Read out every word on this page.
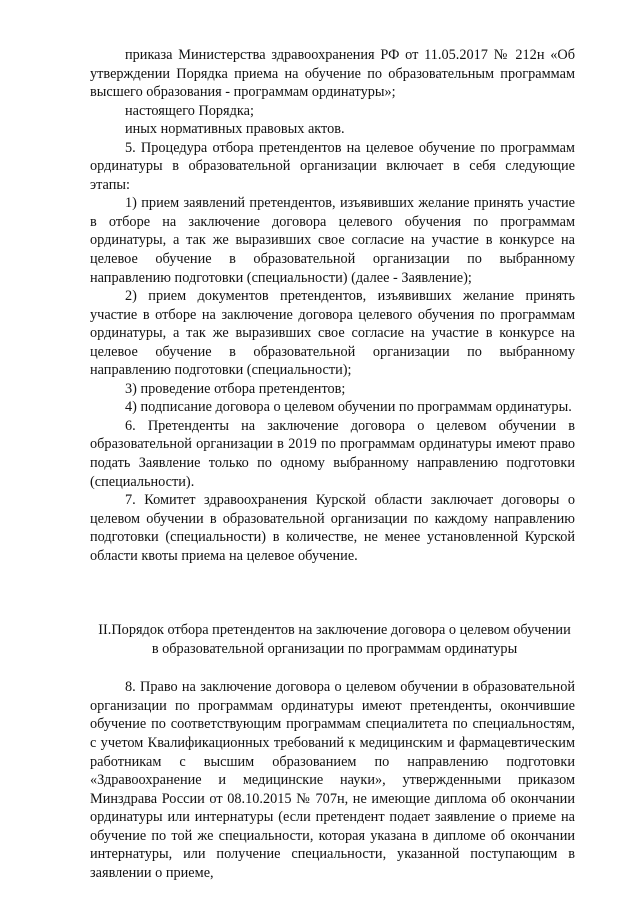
приказа Министерства здравоохранения РФ от 11.05.2017 № 212н «Об утверждении Порядка приема на обучение по образовательным программам высшего образования - программам ординатуры»;

настоящего Порядка;

иных нормативных правовых актов.

5. Процедура отбора претендентов на целевое обучение по программам ординатуры в образовательной организации включает в себя следующие этапы:

1) прием заявлений претендентов, изъявивших желание принять участие в отборе на заключение договора целевого обучения по программам ординатуры, а так же выразивших свое согласие на участие в конкурсе на целевое обучение в образовательной организации по выбранному направлению подготовки (специальности) (далее - Заявление);

2) прием документов претендентов, изъявивших желание принять участие в отборе на заключение договора целевого обучения по программам ординатуры, а так же выразивших свое согласие на участие в конкурсе на целевое обучение в образовательной организации по выбранному направлению подготовки (специальности);

3) проведение отбора претендентов;

4) подписание договора о целевом обучении по программам ординатуры.

6. Претенденты на заключение договора о целевом обучении в образовательной организации в 2019 по программам ординатуры имеют право подать Заявление только по одному выбранному направлению подготовки (специальности).

7. Комитет здравоохранения Курской области заключает договоры о целевом обучении в образовательной организации по каждому направлению подготовки (специальности) в количестве, не менее установленной Курской области квоты приема на целевое обучение.

II.Порядок отбора претендентов на заключение договора о целевом обучении в образовательной организации по программам ординатуры

8. Право на заключение договора о целевом обучении в образовательной организации по программам ординатуры имеют претенденты, окончившие обучение по соответствующим программам специалитета по специальностям, с учетом Квалификационных требований к медицинским и фармацевтическим работникам с высшим образованием по направлению подготовки «Здравоохранение и медицинские науки», утвержденными приказом Минздрава России от 08.10.2015 № 707н, не имеющие диплома об окончании ординатуры или интернатуры (если претендент подает заявление о приеме на обучение по той же специальности, которая указана в дипломе об окончании интернатуры, или получение специальности, указанной поступающим в заявлении о приеме,
